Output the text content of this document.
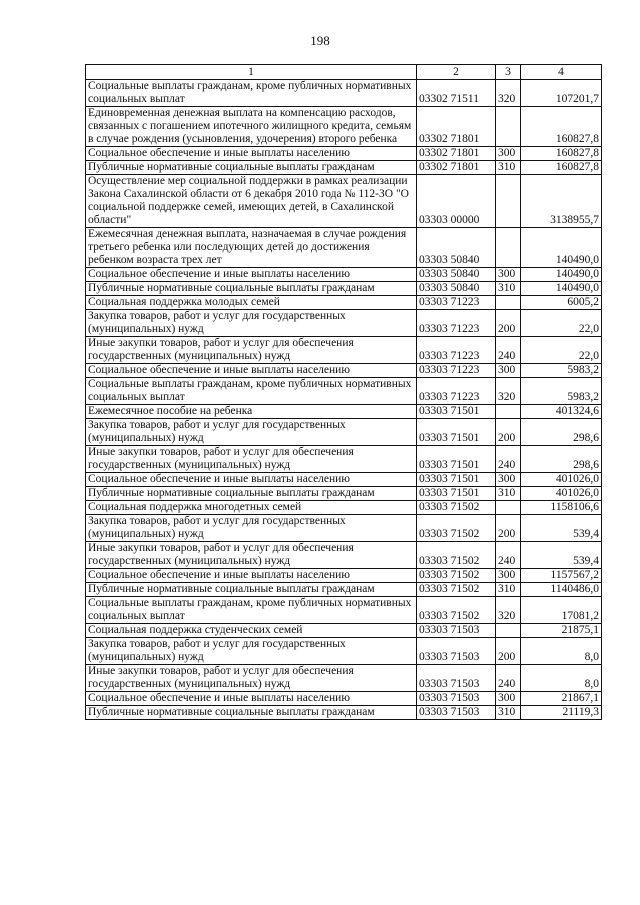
198
1	2	3	4
Социальные выплаты гражданам, кроме публичных нормативных социальных выплат	03302 71511	320	107201,7
Единовременная денежная выплата на компенсацию расходов, связанных с погашением ипотечного жилищного кредита, семьям в случае рождения (усыновления, удочерения) второго ребенка	03302 71801		160827,8
Социальное обеспечение и иные выплаты населению	03302 71801	300	160827,8
Публичные нормативные социальные выплаты гражданам	03302 71801	310	160827,8
Осуществление мер социальной поддержки в рамках реализации Закона Сахалинской области от 6 декабря 2010 года № 112-ЗО "О социальной поддержке семей, имеющих детей, в Сахалинской области"	03303 00000		3138955,7
Ежемесячная денежная выплата, назначаемая в случае рождения третьего ребенка или последующих детей до достижения ребенком возраста трех лет	03303 50840		140490,0
Социальное обеспечение и иные выплаты населению	03303 50840	300	140490,0
Публичные нормативные социальные выплаты гражданам	03303 50840	310	140490,0
Социальная поддержка молодых семей	03303 71223		6005,2
Закупка товаров, работ и услуг для государственных (муниципальных) нужд	03303 71223	200	22,0
Иные закупки товаров, работ и услуг для обеспечения государственных (муниципальных) нужд	03303 71223	240	22,0
Социальное обеспечение и иные выплаты населению	03303 71223	300	5983,2
Социальные выплаты гражданам, кроме публичных нормативных социальных выплат	03303 71223	320	5983,2
Ежемесячное пособие на ребенка	03303 71501		401324,6
Закупка товаров, работ и услуг для государственных (муниципальных) нужд	03303 71501	200	298,6
Иные закупки товаров, работ и услуг для обеспечения государственных (муниципальных) нужд	03303 71501	240	298,6
Социальное обеспечение и иные выплаты населению	03303 71501	300	401026,0
Публичные нормативные социальные выплаты гражданам	03303 71501	310	401026,0
Социальная поддержка многодетных семей	03303 71502		1158106,6
Закупка товаров, работ и услуг для государственных (муниципальных) нужд	03303 71502	200	539,4
Иные закупки товаров, работ и услуг для обеспечения государственных (муниципальных) нужд	03303 71502	240	539,4
Социальное обеспечение и иные выплаты населению	03303 71502	300	1157567,2
Публичные нормативные социальные выплаты гражданам	03303 71502	310	1140486,0
Социальные выплаты гражданам, кроме публичных нормативных социальных выплат	03303 71502	320	17081,2
Социальная поддержка студенческих семей	03303 71503		21875,1
Закупка товаров, работ и услуг для государственных (муниципальных) нужд	03303 71503	200	8,0
Иные закупки товаров, работ и услуг для обеспечения государственных (муниципальных) нужд	03303 71503	240	8,0
Социальное обеспечение и иные выплаты населению	03303 71503	300	21867,1
Публичные нормативные социальные выплаты гражданам	03303 71503	310	21119,3
